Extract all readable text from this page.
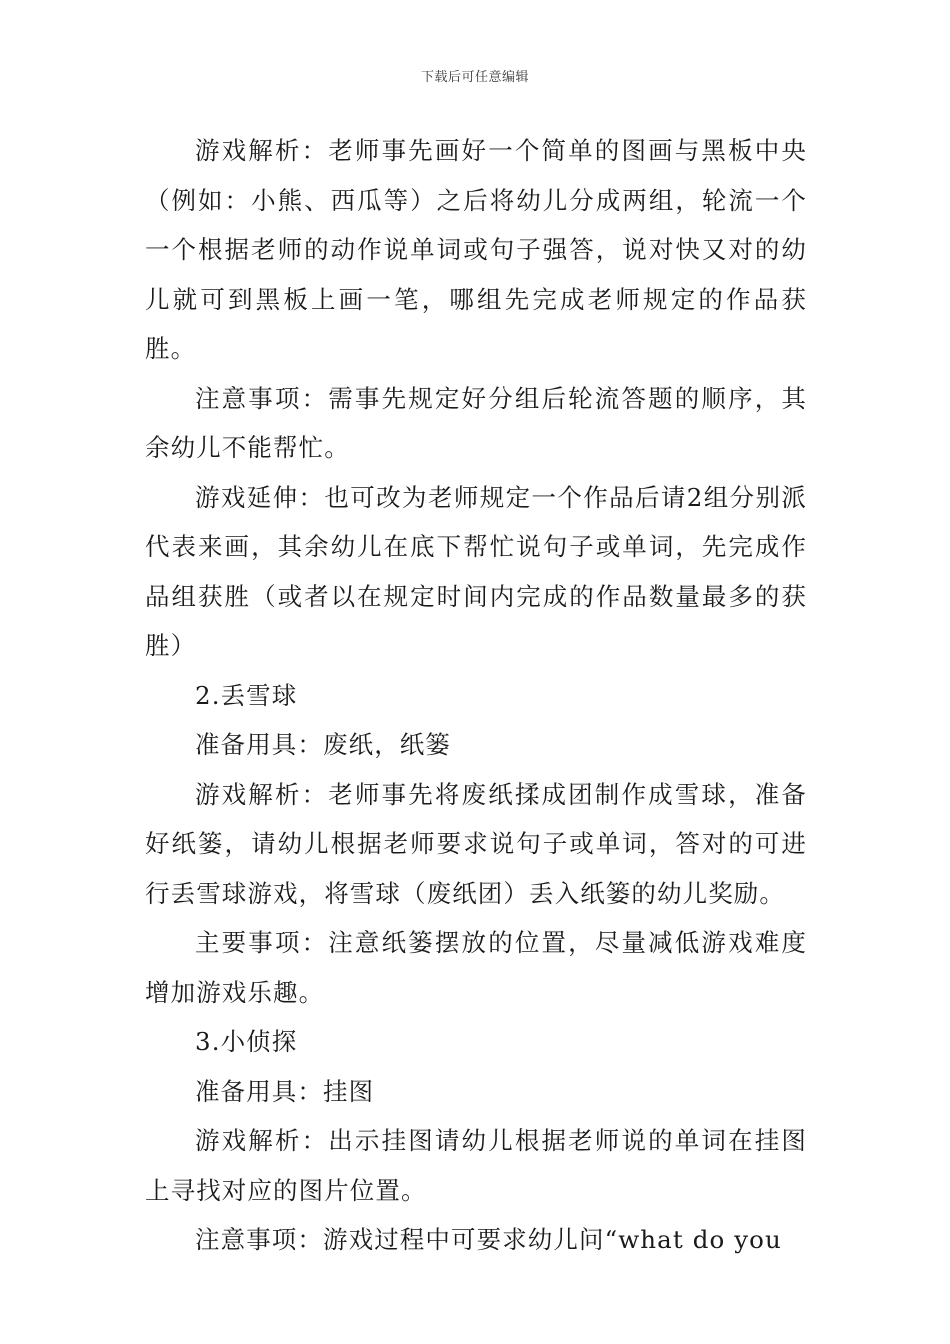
下载后可任意编辑

游戏解析：老师事先画好一个简单的图画与黑板中央（例如：小熊、西瓜等）之后将幼儿分成两组，轮流一个一个根据老师的动作说单词或句子强答，说对快又对的幼儿就可到黑板上画一笔，哪组先完成老师规定的作品获胜。

注意事项：需事先规定好分组后轮流答题的顺序，其余幼儿不能帮忙。

游戏延伸：也可改为老师规定一个作品后请2组分别派代表来画，其余幼儿在底下帮忙说句子或单词，先完成作品组获胜（或者以在规定时间内完成的作品数量最多的获胜）

2.丢雪球

准备用具：废纸，纸篓

游戏解析：老师事先将废纸揉成团制作成雪球，准备好纸篓，请幼儿根据老师要求说句子或单词，答对的可进行丢雪球游戏，将雪球（废纸团）丢入纸篓的幼儿奖励。

主要事项：注意纸篓摆放的位置，尽量减低游戏难度增加游戏乐趣。

3.小侦探

准备用具：挂图

游戏解析：出示挂图请幼儿根据老师说的单词在挂图上寻找对应的图片位置。

注意事项：游戏过程中可要求幼儿问“what do you
